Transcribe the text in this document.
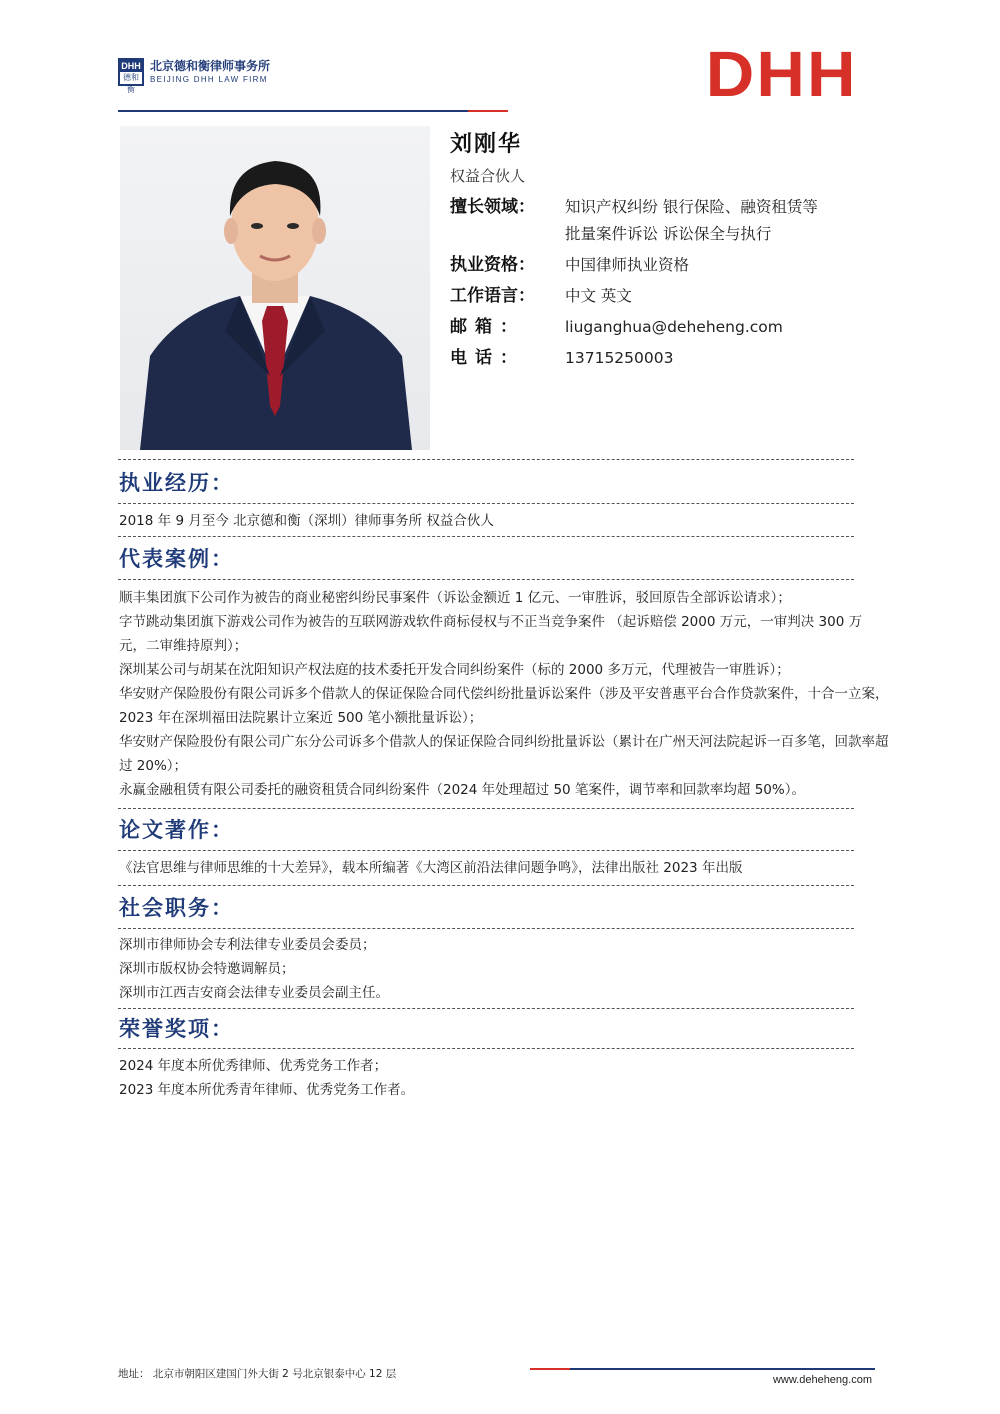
DHH
德和衡
北京德和衡律师事务所
BEIJING DHH LAW FIRM	DHH
刘刚华
权益合伙人
擅长领域：	知识产权纠纷 银行保险、融资租赁等
批量案件诉讼 诉讼保全与执行
执业资格：	中国律师执业资格
工作语言：	中文 英文
邮箱：	liuganghua@deheheng.com
电话：	13715250003
执业经历：

2018 年 9 月至今 北京德和衡（深圳）律师事务所 权益合伙人

代表案例：

顺丰集团旗下公司作为被告的商业秘密纠纷民事案件（诉讼金额近 1 亿元、一审胜诉，驳回原告全部诉讼请求）；

字节跳动集团旗下游戏公司作为被告的互联网游戏软件商标侵权与不正当竞争案件 （起诉赔偿 2000 万元，一审判决 300 万元，二审维持原判）；

深圳某公司与胡某在沈阳知识产权法庭的技术委托开发合同纠纷案件（标的 2000 多万元，代理被告一审胜诉）；

华安财产保险股份有限公司诉多个借款人的保证保险合同代偿纠纷批量诉讼案件（涉及平安普惠平台合作贷款案件，十合一立案，2023 年在深圳福田法院累计立案近 500 笔小额批量诉讼）；

华安财产保险股份有限公司广东分公司诉多个借款人的保证保险合同纠纷批量诉讼（累计在广州天河法院起诉一百多笔，回款率超过 20%）；

永赢金融租赁有限公司委托的融资租赁合同纠纷案件（2024 年处理超过 50 笔案件，调节率和回款率均超 50%）。

论文著作：

《法官思维与律师思维的十大差异》，载本所编著《大湾区前沿法律问题争鸣》，法律出版社 2023 年出版

社会职务：

深圳市律师协会专利法律专业委员会委员；

深圳市版权协会特邀调解员；

深圳市江西吉安商会法律专业委员会副主任。

荣誉奖项：

2024 年度本所优秀律师、优秀党务工作者；

2023 年度本所优秀青年律师、优秀党务工作者。

地址： 北京市朝阳区建国门外大街 2 号北京银泰中心 12 层	www.deheheng.com
